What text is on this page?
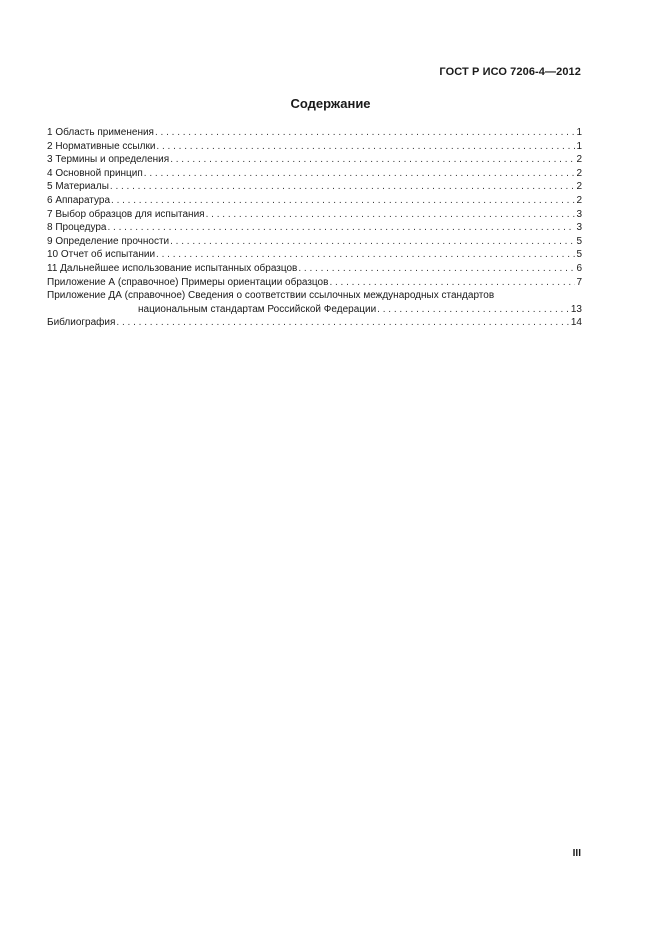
ГОСТ Р ИСО 7206-4—2012
Содержание
1 Область применения . . .	1
2 Нормативные ссылки . . .	1
3 Термины и определения . . .	2
4 Основной принцип . . .	2
5 Материалы . . .	2
6 Аппаратура . . .	2
7 Выбор образцов для испытания . . .	3
8 Процедура . . .	3
9 Определение прочности . . .	5
10 Отчет об испытании . . .	5
11 Дальнейшее использование испытанных образцов . . .	6
Приложение А (справочное) Примеры ориентации образцов . . .	7
Приложение ДА (справочное) Сведения о соответствии ссылочных международных стандартов
национальным стандартам Российской Федерации . . .	13
Библиография . . .	14
III
